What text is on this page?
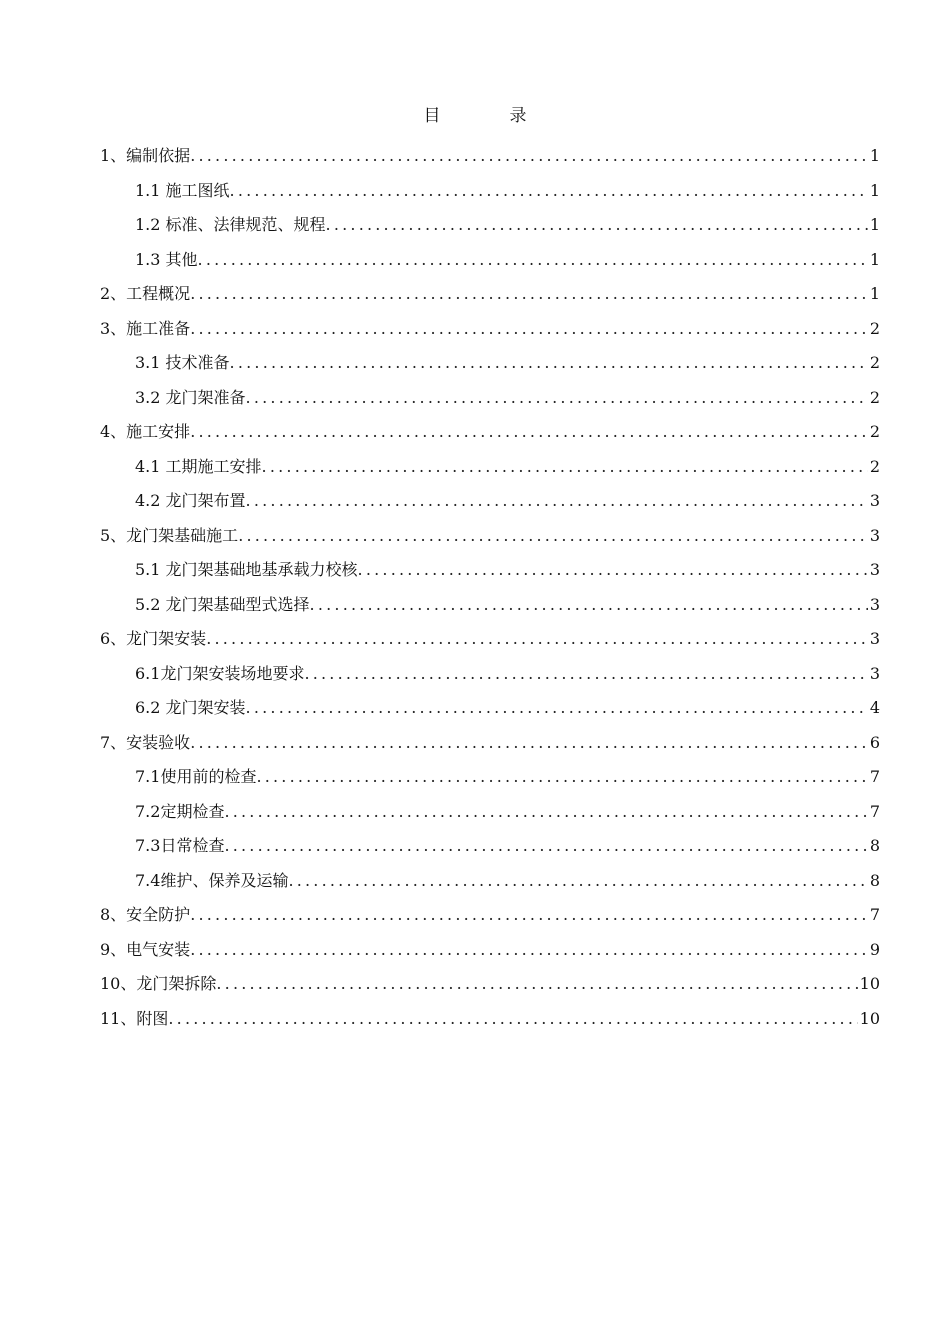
目　录
1、编制依据 .....	1
1.1 施工图纸 .....	1
1.2 标准、法律规范、规程 .....	1
1.3 其他 .....	1
2、工程概况 .....	1
3、施工准备 .....	2
3.1 技术准备 .....	2
3.2 龙门架准备 .....	2
4、施工安排 .....	2
4.1 工期施工安排 .....	2
4.2 龙门架布置 .....	3
5、龙门架基础施工 .....	3
5.1 龙门架基础地基承载力校核 .....	3
5.2 龙门架基础型式选择 .....	3
6、龙门架安装 .....	3
6.1龙门架安装场地要求 .....	3
6.2 龙门架安装 .....	4
7、安装验收 .....	6
7.1使用前的检查 .....	7
7.2定期检查 .....	7
7.3日常检查 .....	8
7.4维护、保养及运输 .....	8
8、安全防护 .....	7
9、电气安装 .....	9
10、龙门架拆除 .....	10
11、附图 .....	10
